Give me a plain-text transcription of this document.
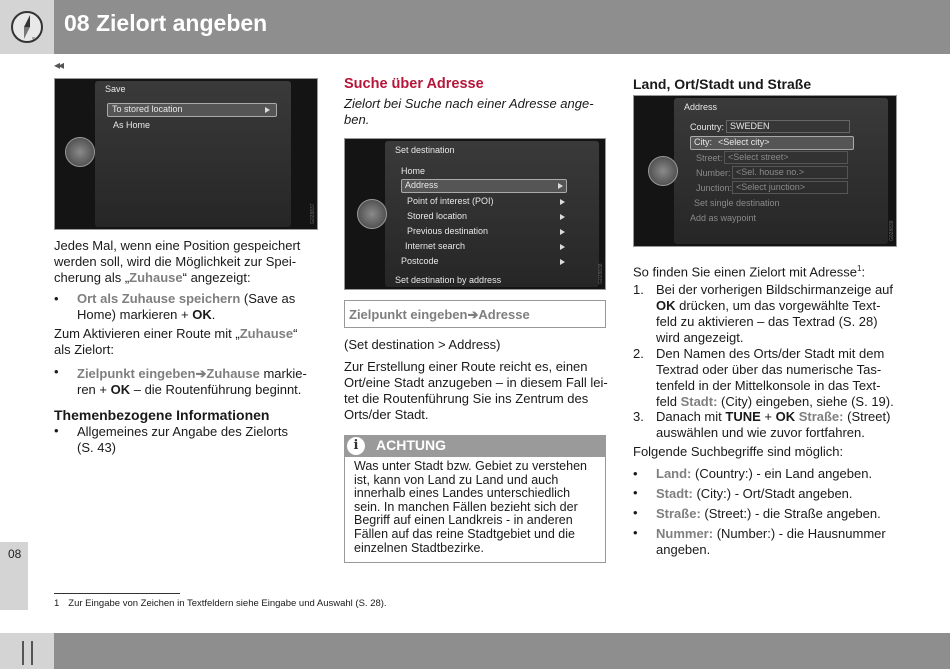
S
08 Zielort angeben
◂◂
Save
To stored location
As Home
G028837
Jedes Mal, wenn eine Position gespeichert
werden soll, wird die Möglichkeit zur Spei-
cherung als „Zuhause“ angezeigt:
• Ort als Zuhause speichern (Save as
Home) markieren + OK.
Zum Aktivieren einer Route mit „Zuhause“
als Zielort:
• Zielpunkt eingeben➔Zuhause markie-
ren + OK – die Routenführung beginnt.
Themenbezogene Informationen
• Allgemeines zur Angabe des Zielorts
(S. 43)
Suche über Adresse
Zielort bei Suche nach einer Adresse ange-
ben.
Set destination
Home
Address
Point of interest (POI)
Stored location
Previous destination
Internet search
Postcode
Set destination by address	G028838
Zielpunkt eingeben➔Adresse
(Set destination > Address)
Zur Erstellung einer Route reicht es, einen
Ort/eine Stadt anzugeben – in diesem Fall lei-
tet die Routenführung Sie ins Zentrum des
Orts/der Stadt.
i	ACHTUNG
Was unter Stadt bzw. Gebiet zu verstehen
ist, kann von Land zu Land und auch
innerhalb eines Landes unterschiedlich
sein. In manchen Fällen bezieht sich der
Begriff auf einen Landkreis - in anderen
Fällen auf das reine Stadtgebiet und die
einzelnen Stadtbezirke.
Land, Ort/Stadt und Straße
Address
Country: SWEDEN
City: <Select city>
Street: <Select street>
Number: <Sel. house no.>
Junction: <Select junction>
Set single destination
Add as waypoint
G028839
So finden Sie einen Zielort mit Adresse$^1$:
1. Bei der vorherigen Bildschirmanzeige auf
OK drücken, um das vorgewählte Text-
feld zu aktivieren – das Textrad (S. 28)
wird angezeigt.
2. Den Namen des Orts/der Stadt mit dem
Textrad oder über das numerische Tas-
tenfeld in der Mittelkonsole in das Text-
feld Stadt: (City) eingeben, siehe (S. 19).
3. Danach mit TUNE + OK Straße: (Street)
auswählen und wie zuvor fortfahren.
Folgende Suchbegriffe sind möglich:
• Land: (Country:) - ein Land angeben.
• Stadt: (City:) - Ort/Stadt angeben.
• Straße: (Street:) - die Straße angeben.
• Nummer: (Number:) - die Hausnummer
angeben.
08
1 Zur Eingabe von Zeichen in Textfeldern siehe Eingabe und Auswahl (S. 28).
